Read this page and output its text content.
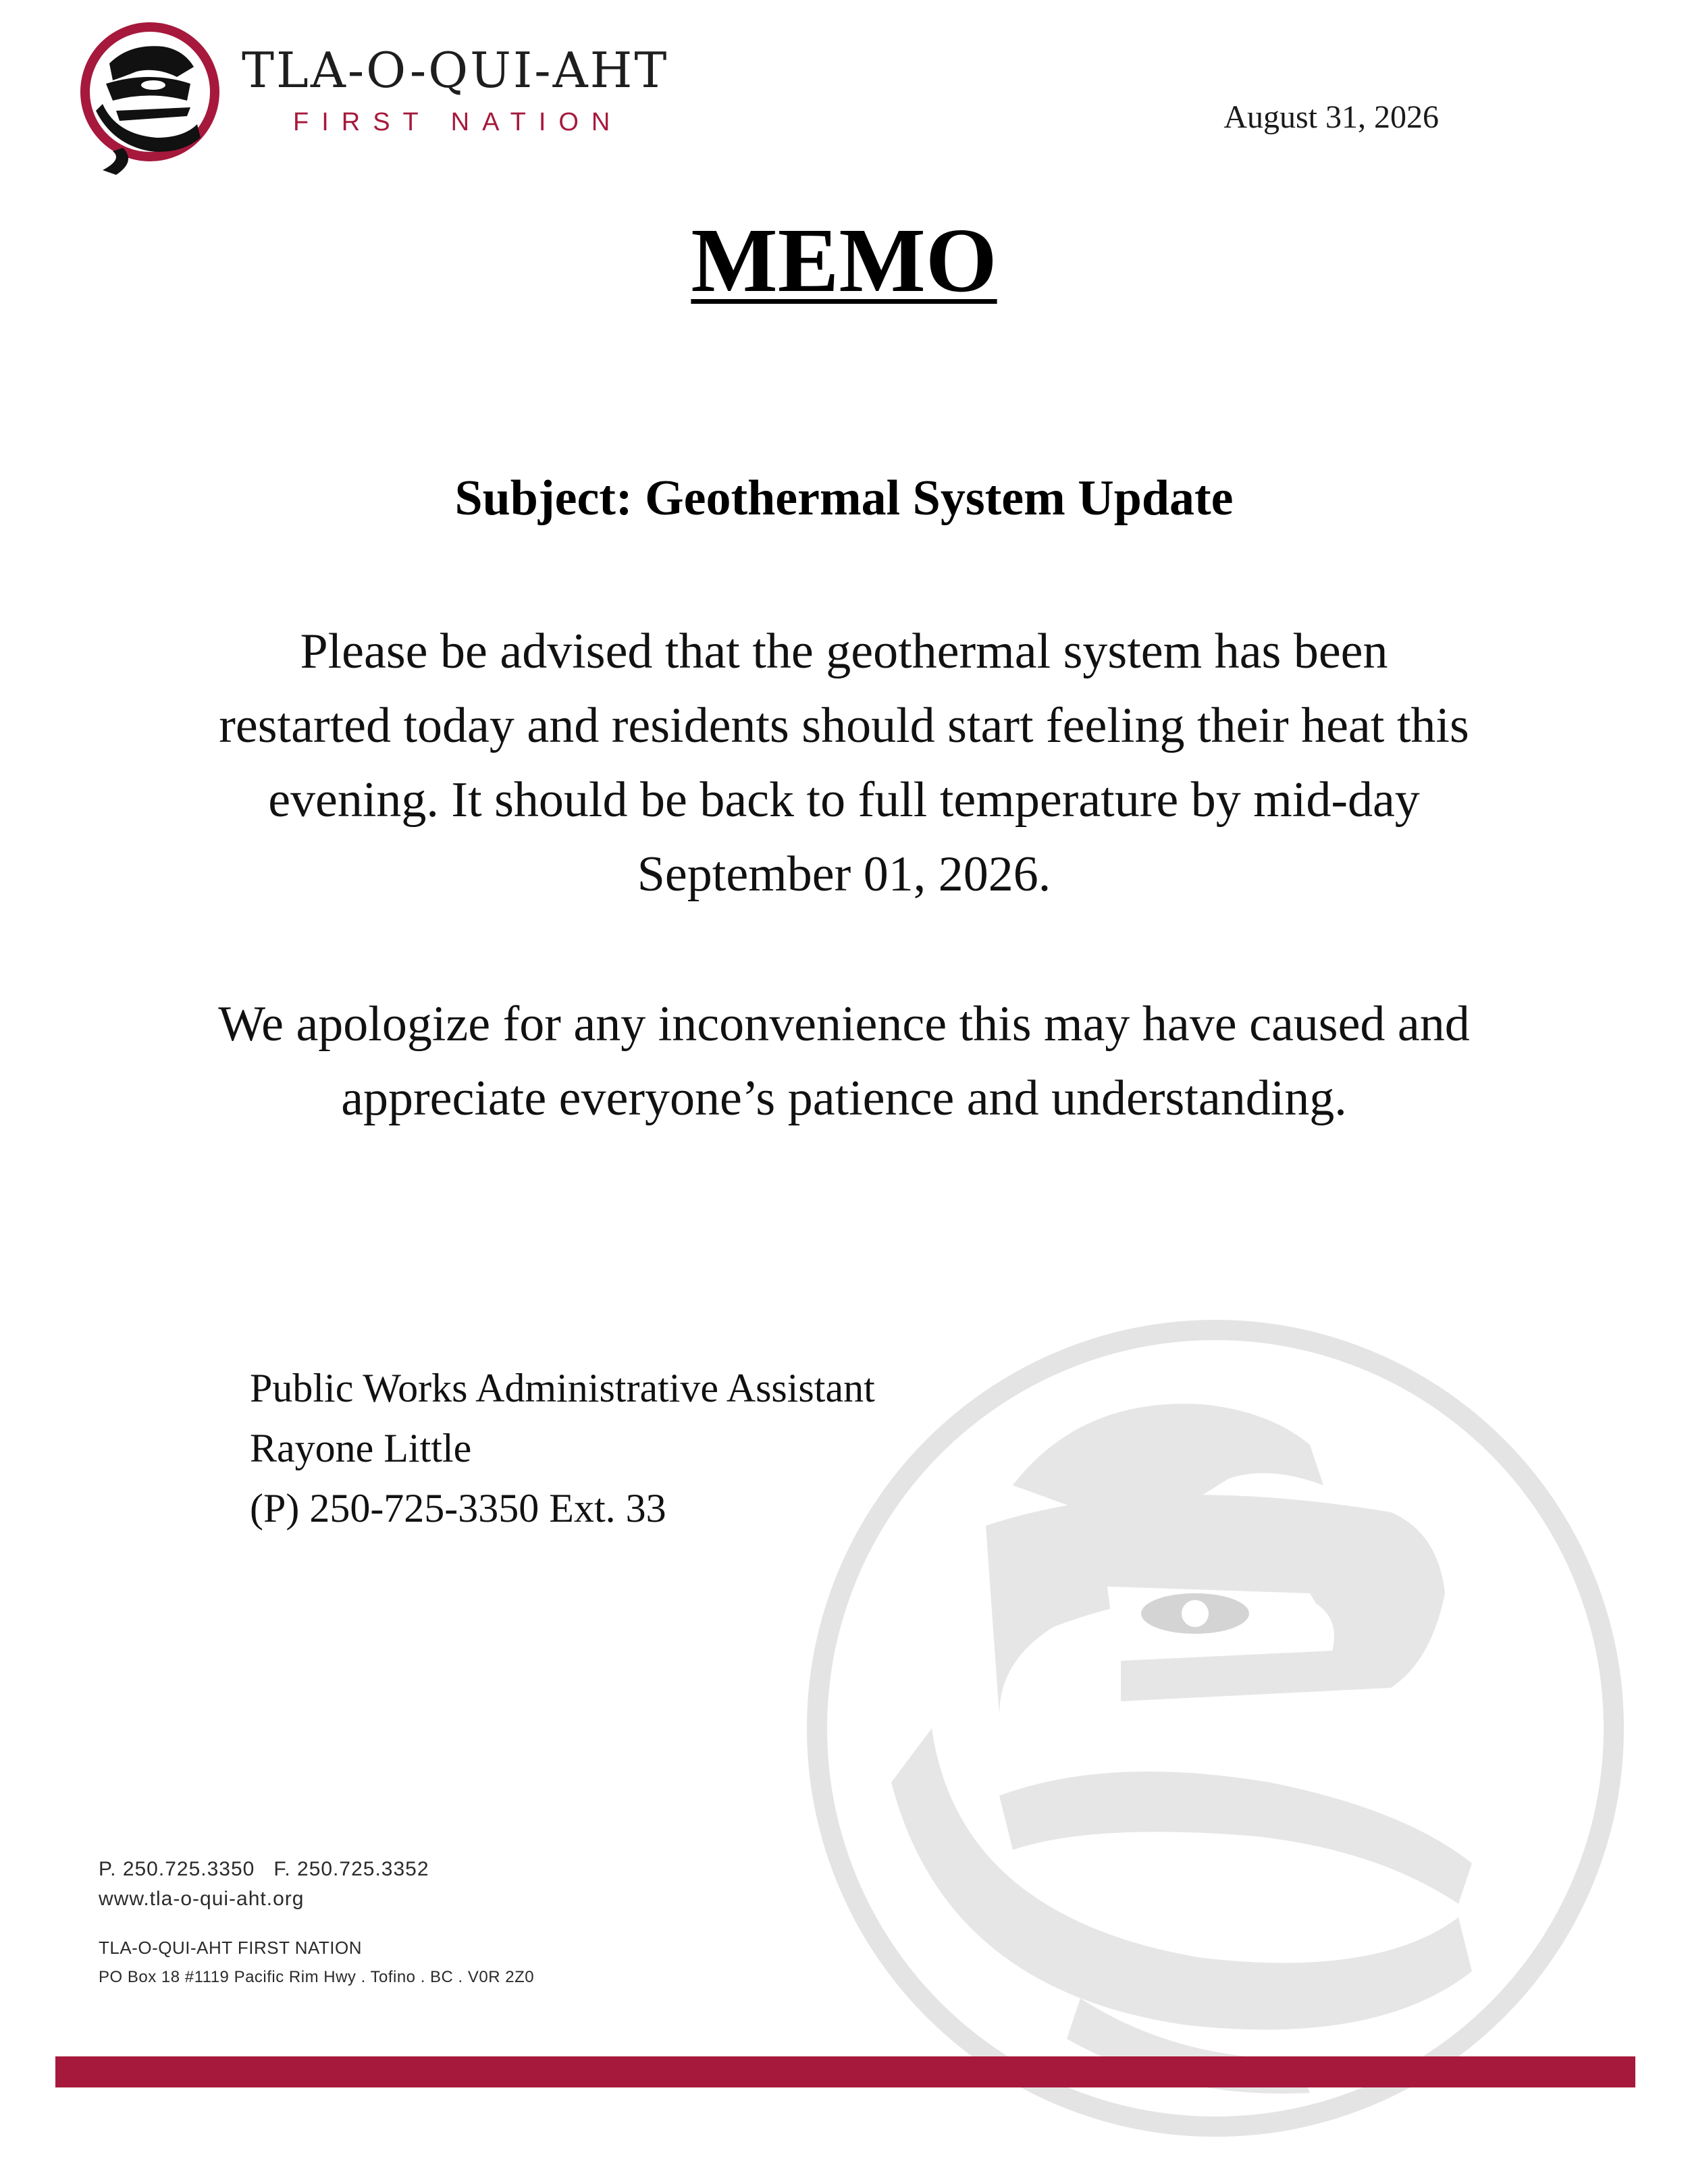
TLA-O-QUI-AHT
FIRST NATION	August 31, 2026
MEMO
Subject: Geothermal System Update
Please be advised that the geothermal system has been restarted today and residents should start feeling their heat this evening. It should be back to full temperature by mid-day September 01, 2026.
We apologize for any inconvenience this may have caused and appreciate everyone’s patience and understanding.
Public Works Administrative Assistant
Rayone Little
(P) 250-725-3350 Ext. 33
P. 250.725.3350   F. 250.725.3352
www.tla-o-qui-aht.org
TLA-O-QUI-AHT FIRST NATION
PO Box 18 #1119 Pacific Rim Hwy . Tofino . BC . V0R 2Z0
